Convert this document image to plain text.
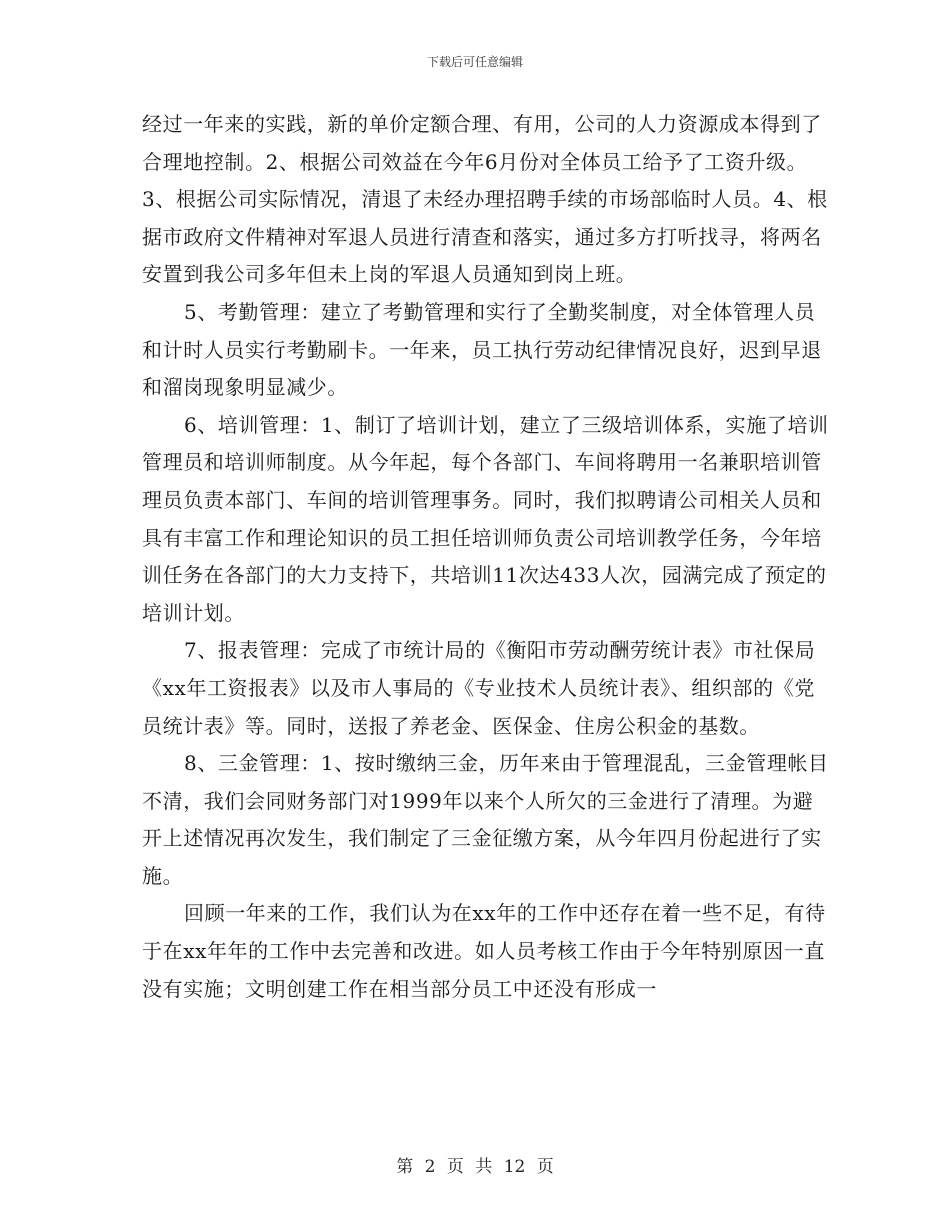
下载后可任意编辑

经过一年来的实践，新的单价定额合理、有用，公司的人力资源成本得到了合理地控制。2、根据公司效益在今年6月份对全体员工给予了工资升级。3、根据公司实际情况，清退了未经办理招聘手续的市场部临时人员。4、根据市政府文件精神对军退人员进行清查和落实，通过多方打听找寻，将两名安置到我公司多年但未上岗的军退人员通知到岗上班。

5、考勤管理：建立了考勤管理和实行了全勤奖制度，对全体管理人员和计时人员实行考勤刷卡。一年来，员工执行劳动纪律情况良好，迟到早退和溜岗现象明显减少。

6、培训管理：1、制订了培训计划，建立了三级培训体系，实施了培训管理员和培训师制度。从今年起，每个各部门、车间将聘用一名兼职培训管理员负责本部门、车间的培训管理事务。同时，我们拟聘请公司相关人员和具有丰富工作和理论知识的员工担任培训师负责公司培训教学任务，今年培训任务在各部门的大力支持下，共培训11次达433人次，园满完成了预定的培训计划。

7、报表管理：完成了市统计局的《衡阳市劳动酬劳统计表》市社保局《xx年工资报表》以及市人事局的《专业技术人员统计表》、组织部的《党员统计表》等。同时，送报了养老金、医保金、住房公积金的基数。

8、三金管理：1、按时缴纳三金，历年来由于管理混乱，三金管理帐目不清，我们会同财务部门对1999年以来个人所欠的三金进行了清理。为避开上述情况再次发生，我们制定了三金征缴方案，从今年四月份起进行了实施。

回顾一年来的工作，我们认为在xx年的工作中还存在着一些不足，有待于在xx年年的工作中去完善和改进。如人员考核工作由于今年特别原因一直没有实施；文明创建工作在相当部分员工中还没有形成一

第 2 页 共 12 页
